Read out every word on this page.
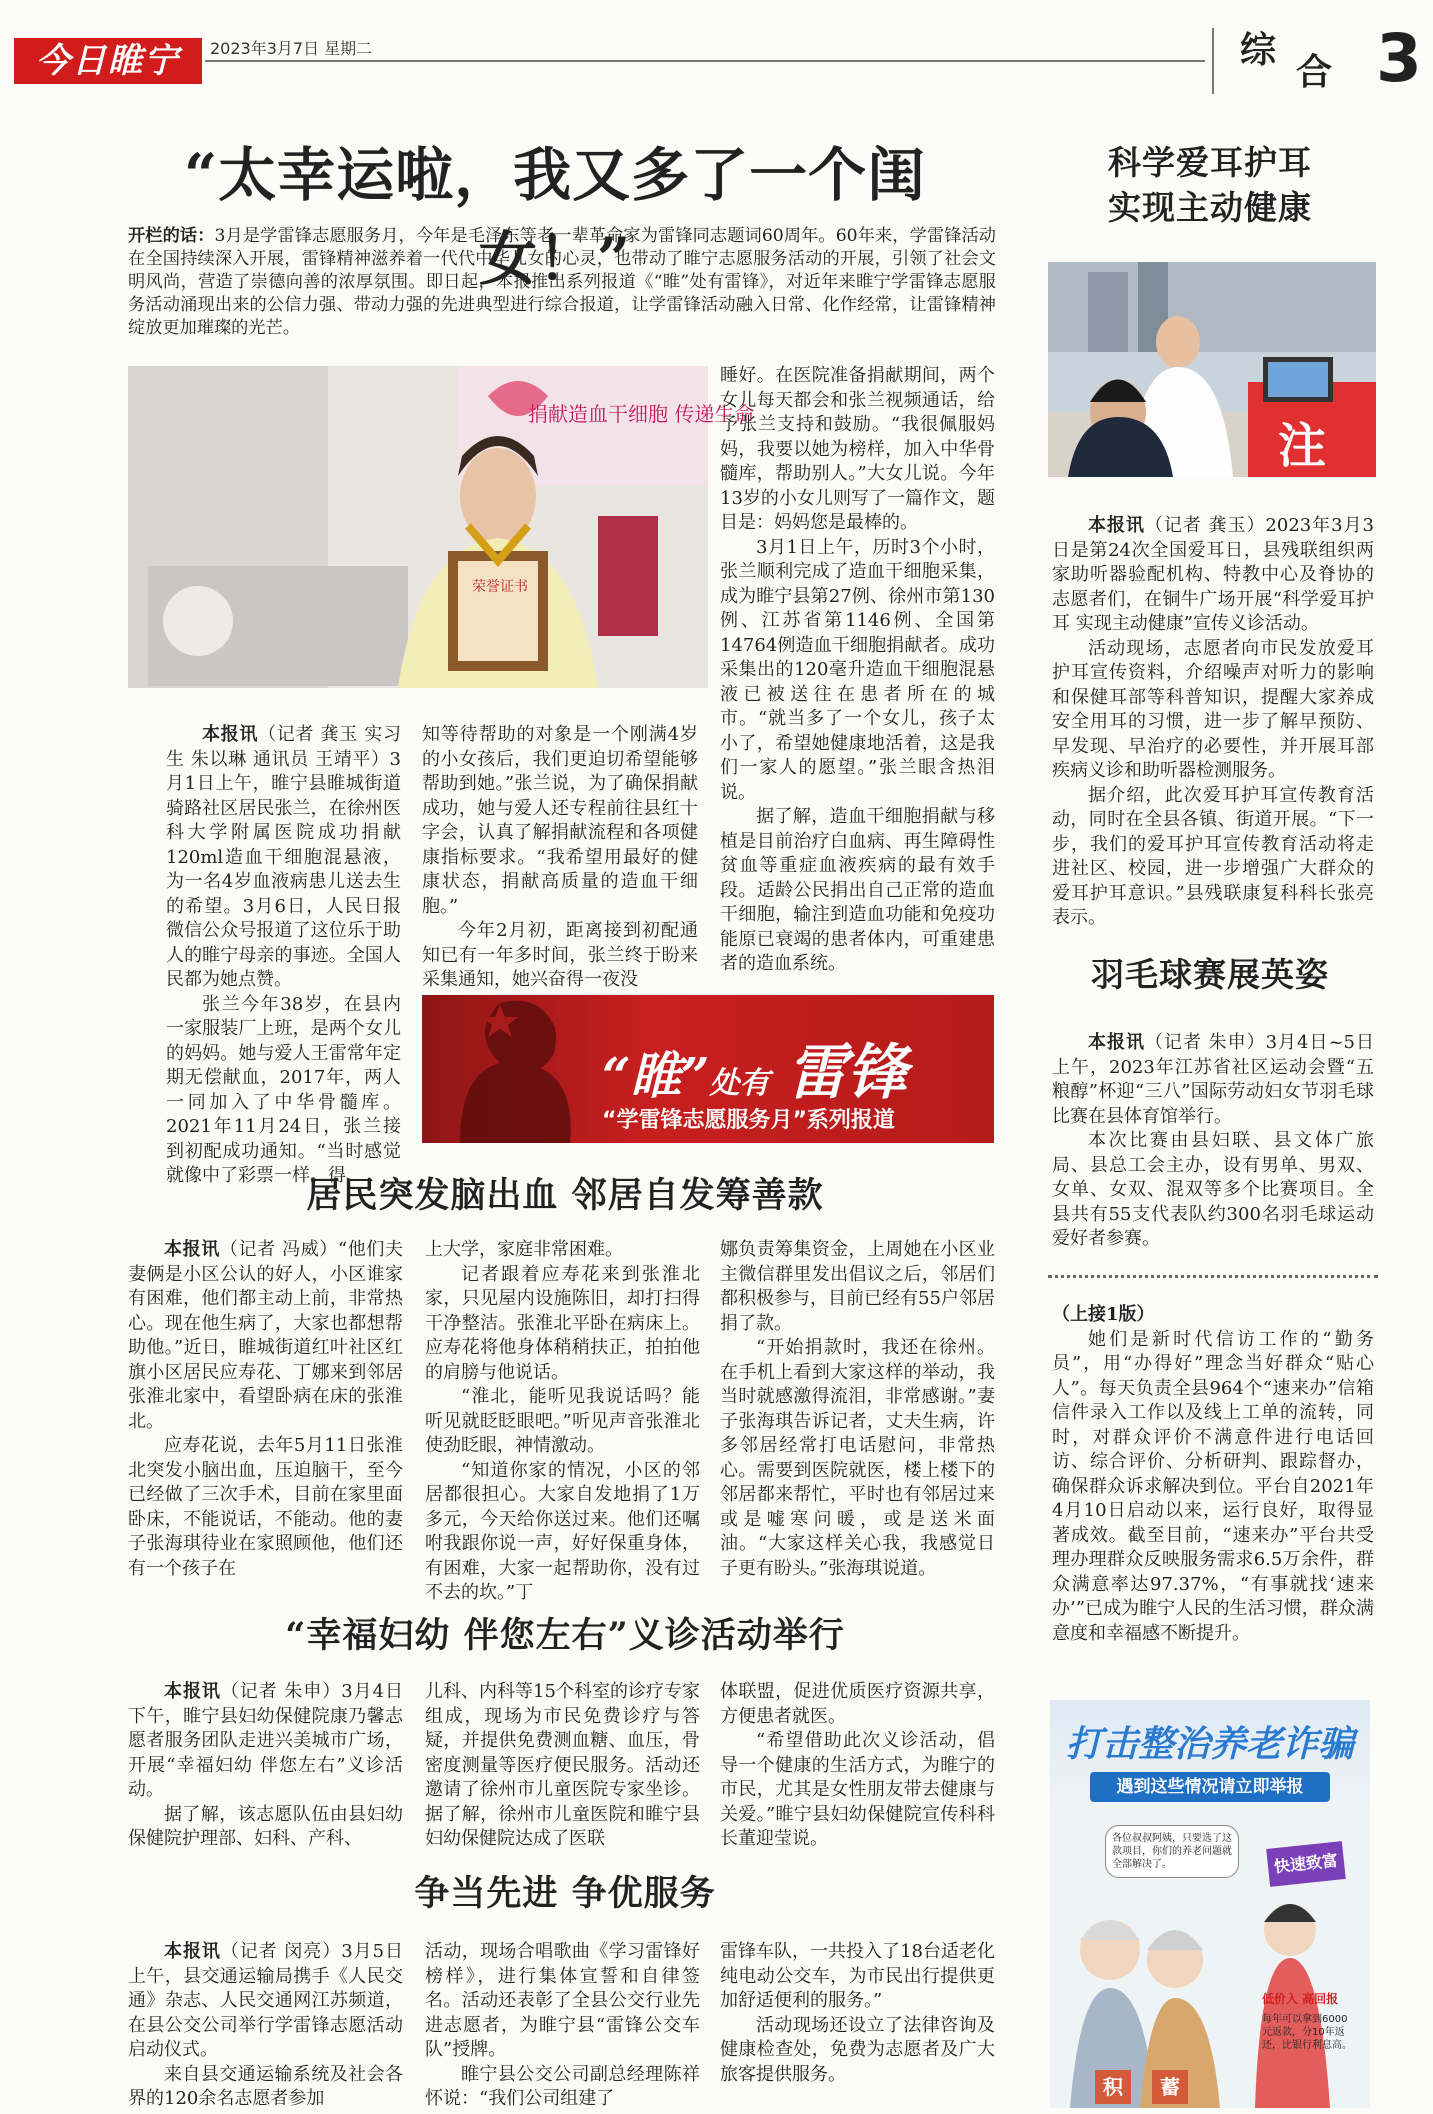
今日睢宁	2023年3月7日 星期二	综合 3
“太幸运啦，我又多了一个闺女！”
开栏的话：3月是学雷锋志愿服务月，今年是毛泽东等老一辈革命家为雷锋同志题词60周年。60年来，学雷锋活动在全国持续深入开展，雷锋精神滋养着一代代中华儿女的心灵，也带动了睢宁志愿服务活动的开展，引领了社会文明风尚，营造了崇德向善的浓厚氛围。即日起，本报推出系列报道《“睢”处有雷锋》，对近年来睢宁学雷锋志愿服务活动涌现出来的公信力强、带动力强的先进典型进行综合报道，让学雷锋活动融入日常、化作经常，让雷锋精神绽放更加璀璨的光芒。
捐献造血干细胞 传递生命
荣誉证书

本报讯（记者 龚玉 实习生 朱以琳 通讯员 王靖平）3月1日上午，睢宁县睢城街道骑路社区居民张兰，在徐州医科大学附属医院成功捐献120ml造血干细胞混悬液，为一名4岁血液病患儿送去生的希望。3月6日，人民日报微信公众号报道了这位乐于助人的睢宁母亲的事迹。全国人民都为她点赞。

张兰今年38岁，在县内一家服装厂上班，是两个女儿的妈妈。她与爱人王雷常年定期无偿献血，2017年，两人一同加入了中华骨髓库。2021年11月24日，张兰接到初配成功通知。“当时感觉就像中了彩票一样。得

知等待帮助的对象是一个刚满4岁的小女孩后，我们更迫切希望能够帮助到她。”张兰说，为了确保捐献成功，她与爱人还专程前往县红十字会，认真了解捐献流程和各项健康指标要求。“我希望用最好的健康状态，捐献高质量的造血干细胞。”

今年2月初，距离接到初配通知已有一年多时间，张兰终于盼来采集通知，她兴奋得一夜没

睡好。在医院准备捐献期间，两个女儿每天都会和张兰视频通话，给予张兰支持和鼓励。“我很佩服妈妈，我要以她为榜样，加入中华骨髓库，帮助别人。”大女儿说。今年13岁的小女儿则写了一篇作文，题目是：妈妈您是最棒的。

3月1日上午，历时3个小时，张兰顺利完成了造血干细胞采集，成为睢宁县第27例、徐州市第130例、江苏省第1146例、全国第14764例造血干细胞捐献者。成功采集出的120毫升造血干细胞混悬液已被送往在患者所在的城市。“就当多了一个女儿，孩子太小了，希望她健康地活着，这是我们一家人的愿望。”张兰眼含热泪说。

据了解，造血干细胞捐献与移植是目前治疗白血病、再生障碍性贫血等重症血液疾病的最有效手段。适龄公民捐出自己正常的造血干细胞，输注到造血功能和免疫功能原已衰竭的患者体内，可重建患者的造血系统。

“睢”处有 雷锋
“学雷锋志愿服务月”系列报道
居民突发脑出血 邻居自发筹善款

本报讯（记者 冯威）“他们夫妻俩是小区公认的好人，小区谁家有困难，他们都主动上前，非常热心。现在他生病了，大家也都想帮助他。”近日，睢城街道红叶社区红旗小区居民应寿花、丁娜来到邻居张淮北家中，看望卧病在床的张淮北。

应寿花说，去年5月11日张淮北突发小脑出血，压迫脑干，至今已经做了三次手术，目前在家里面卧床，不能说话，不能动。他的妻子张海琪待业在家照顾他，他们还有一个孩子在

上大学，家庭非常困难。

记者跟着应寿花来到张淮北家，只见屋内设施陈旧，却打扫得干净整洁。张淮北平卧在病床上。应寿花将他身体稍稍扶正，拍拍他的肩膀与他说话。

“淮北，能听见我说话吗？能听见就眨眨眼吧。”听见声音张淮北使劲眨眼，神情激动。

“知道你家的情况，小区的邻居都很担心。大家自发地捐了1万多元，今天给你送过来。他们还嘱咐我跟你说一声，好好保重身体，有困难，大家一起帮助你，没有过不去的坎。”丁

娜负责筹集资金，上周她在小区业主微信群里发出倡议之后，邻居们都积极参与，目前已经有55户邻居捐了款。

“开始捐款时，我还在徐州。在手机上看到大家这样的举动，我当时就感激得流泪，非常感谢。”妻子张海琪告诉记者，丈夫生病，许多邻居经常打电话慰问，非常热心。需要到医院就医，楼上楼下的邻居都来帮忙，平时也有邻居过来或是嘘寒问暖，或是送米面油。“大家这样关心我，我感觉日子更有盼头。”张海琪说道。

“幸福妇幼 伴您左右”义诊活动举行

本报讯（记者 朱申）3月4日下午，睢宁县妇幼保健院康乃馨志愿者服务团队走进兴美城市广场，开展“幸福妇幼 伴您左右”义诊活动。

据了解，该志愿队伍由县妇幼保健院护理部、妇科、产科、

儿科、内科等15个科室的诊疗专家组成，现场为市民免费诊疗与答疑，并提供免费测血糖、血压，骨密度测量等医疗便民服务。活动还邀请了徐州市儿童医院专家坐诊。据了解，徐州市儿童医院和睢宁县妇幼保健院达成了医联

体联盟，促进优质医疗资源共享，方便患者就医。

“希望借助此次义诊活动，倡导一个健康的生活方式，为睢宁的市民，尤其是女性朋友带去健康与关爱。”睢宁县妇幼保健院宣传科科长董迎莹说。

争当先进 争优服务

本报讯（记者 闵亮）3月5日上午，县交通运输局携手《人民交通》杂志、人民交通网江苏频道，在县公交公司举行学雷锋志愿活动启动仪式。

来自县交通运输系统及社会各界的120余名志愿者参加

活动，现场合唱歌曲《学习雷锋好榜样》，进行集体宣誓和自律签名。活动还表彰了全县公交行业先进志愿者，为睢宁县“雷锋公交车队”授牌。

睢宁县公交公司副总经理陈祥怀说：“我们公司组建了

雷锋车队，一共投入了18台适老化纯电动公交车，为市民出行提供更加舒适便利的服务。”

活动现场还设立了法律咨询及健康检查处，免费为志愿者及广大旅客提供服务。

科学爱耳护耳
实现主动健康
注

本报讯（记者 龚玉）2023年3月3日是第24次全国爱耳日，县残联组织两家助听器验配机构、特教中心及脊协的志愿者们，在铜牛广场开展“科学爱耳护耳 实现主动健康”宣传义诊活动。

活动现场，志愿者向市民发放爱耳护耳宣传资料，介绍噪声对听力的影响和保健耳部等科普知识，提醒大家养成安全用耳的习惯，进一步了解早预防、早发现、早治疗的必要性，并开展耳部疾病义诊和助听器检测服务。

据介绍，此次爱耳护耳宣传教育活动，同时在全县各镇、街道开展。“下一步，我们的爱耳护耳宣传教育活动将走进社区、校园，进一步增强广大群众的爱耳护耳意识。”县残联康复科科长张亮表示。

羽毛球赛展英姿

本报讯（记者 朱申）3月4日~5日上午，2023年江苏省社区运动会暨“五粮醇”杯迎“三八”国际劳动妇女节羽毛球比赛在县体育馆举行。

本次比赛由县妇联、县文体广旅局、县总工会主办，设有男单、男双、女单、女双、混双等多个比赛项目。全县共有55支代表队约300名羽毛球运动爱好者参赛。

（上接1版）

她们是新时代信访工作的“勤务员”，用“办得好”理念当好群众“贴心人”。每天负责全县964个“速来办”信箱信件录入工作以及线上工单的流转，同时，对群众评价不满意件进行电话回访、综合评价、分析研判、跟踪督办，确保群众诉求解决到位。平台自2021年4月10日启动以来，运行良好，取得显著成效。截至目前，“速来办”平台共受理办理群众反映服务需求6.5万余件，群众满意率达97.37%，“有事就找‘速来办’”已成为睢宁人民的生活习惯，群众满意度和幸福感不断提升。

打击整治养老诈骗
遇到这些情况请立即举报
各位叔叔阿姨，只要选了这款项目，你们的养老问题就全部解决了。	快速致富
低价入 高回报
每年可以拿到6000元返款，分10年返还，比银行利息高。
积	蓄
